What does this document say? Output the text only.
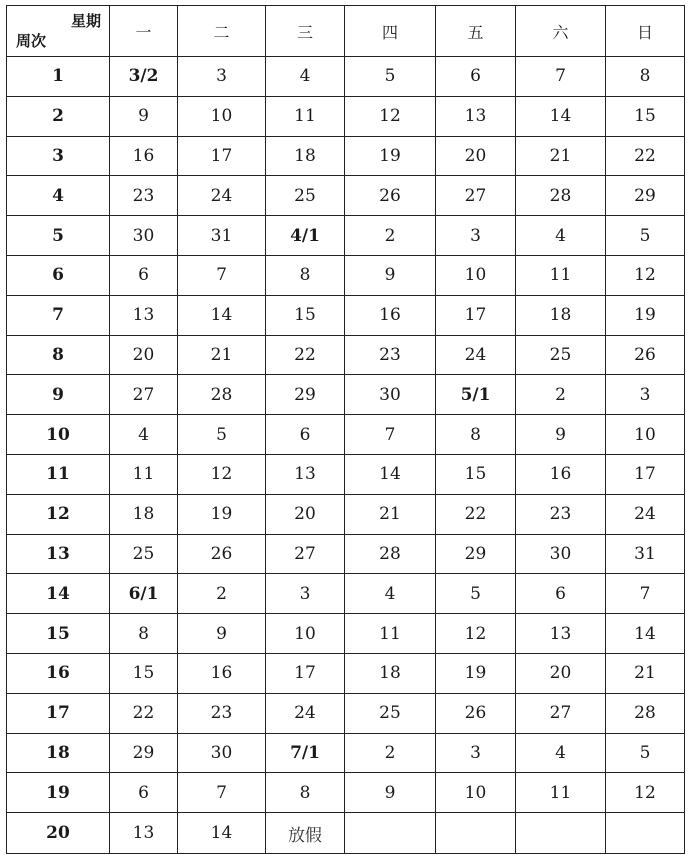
星期
周次	一	二	三	四	五	六	日
1	3/2	3	4	5	6	7	8
2	9	10	11	12	13	14	15
3	16	17	18	19	20	21	22
4	23	24	25	26	27	28	29
5	30	31	4/1	2	3	4	5
6	6	7	8	9	10	11	12
7	13	14	15	16	17	18	19
8	20	21	22	23	24	25	26
9	27	28	29	30	5/1	2	3
10	4	5	6	7	8	9	10
11	11	12	13	14	15	16	17
12	18	19	20	21	22	23	24
13	25	26	27	28	29	30	31
14	6/1	2	3	4	5	6	7
15	8	9	10	11	12	13	14
16	15	16	17	18	19	20	21
17	22	23	24	25	26	27	28
18	29	30	7/1	2	3	4	5
19	6	7	8	9	10	11	12
20	13	14	放假				
